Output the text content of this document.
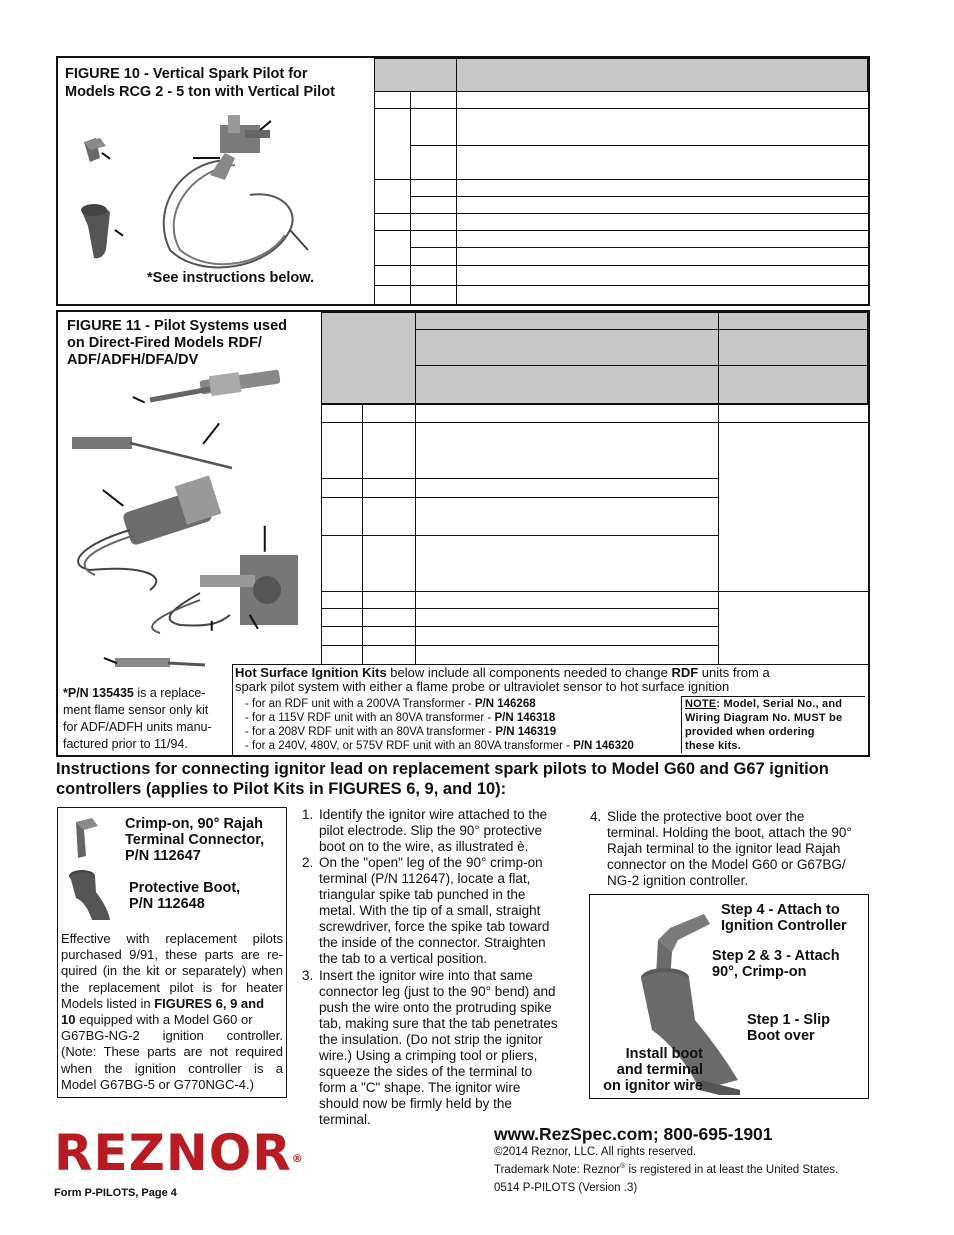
FIGURE 10 - Vertical Spark Pilot for
Models RCG 2 - 5 ton with Vertical Pilot
*See instructions below.
FIGURE 11 - Pilot Systems used
on Direct-Fired Models RDF/
ADF/ADFH/DFA/DV
*P/N 135435 is a replace-
ment flame sensor only kit
for ADF/ADFH units manu-
factured prior to 11/94.
Hot Surface Ignition Kits below include all components needed to change RDF units from a
spark pilot system with either a flame probe or ultraviolet sensor to hot surface ignition
- for an RDF unit with a 200VA Transformer - P/N 146268
- for a 115V RDF unit with an 80VA transformer - P/N 146318
- for a 208V RDF unit with an 80VA transformer - P/N 146319
- for a 240V, 480V, or 575V RDF unit with an 80VA transformer - P/N 146320
NOTE: Model, Serial No., and
Wiring Diagram No. MUST be
provided when ordering
these kits.
Instructions for connecting ignitor lead on replacement spark pilots to Model G60 and G67 ignition
controllers (applies to Pilot Kits in FIGURES 6, 9, and 10):
Crimp-on, 90° Rajah
Terminal Connector,
P/N 112647
Protective Boot,
P/N 112648
Effective with replacement pilots
purchased 9/91, these parts are re-
quired (in the kit or separately) when
the replacement pilot is for heater
Models listed in FIGURES 6, 9 and
10 equipped with a Model G60 or
G67BG-NG-2 ignition controller.
(Note: These parts are not required
when the ignition controller is a
Model G67BG-5 or G770NGC-4.)
1. Identify the ignitor wire attached to the
pilot electrode. Slip the 90° protective
boot on to the wire, as illustrated è.
2. On the "open" leg of the 90° crimp-on
terminal (P/N 112647), locate a flat,
triangular spike tab punched in the
metal. With the tip of a small, straight
screwdriver, force the spike tab toward
the inside of the connector. Straighten
the tab to a vertical position.
3. Insert the ignitor wire into that same
connector leg (just to the 90° bend) and
push the wire onto the protruding spike
tab, making sure that the tab penetrates
the insulation. (Do not strip the ignitor
wire.) Using a crimping tool or pliers,
squeeze the sides of the terminal to
form a "C" shape. The ignitor wire
should now be firmly held by the
terminal.
4. Slide the protective boot over the
terminal. Holding the boot, attach the 90°
Rajah terminal to the ignitor lead Rajah
connector on the Model G60 or G67BG/
NG-2 ignition controller.
Step 4 - Attach to
Ignition Controller
Step 2 & 3 - Attach
90°, Crimp-on
Step 1 - Slip
Boot over
Install boot
and terminal
on ignitor wire
REZNOR®
Form P-PILOTS, Page 4
www.RezSpec.com; 800-695-1901
©2014 Reznor, LLC. All rights reserved.
Trademark Note: Reznor® is registered in at least the United States.
0514 P-PILOTS (Version .3)
